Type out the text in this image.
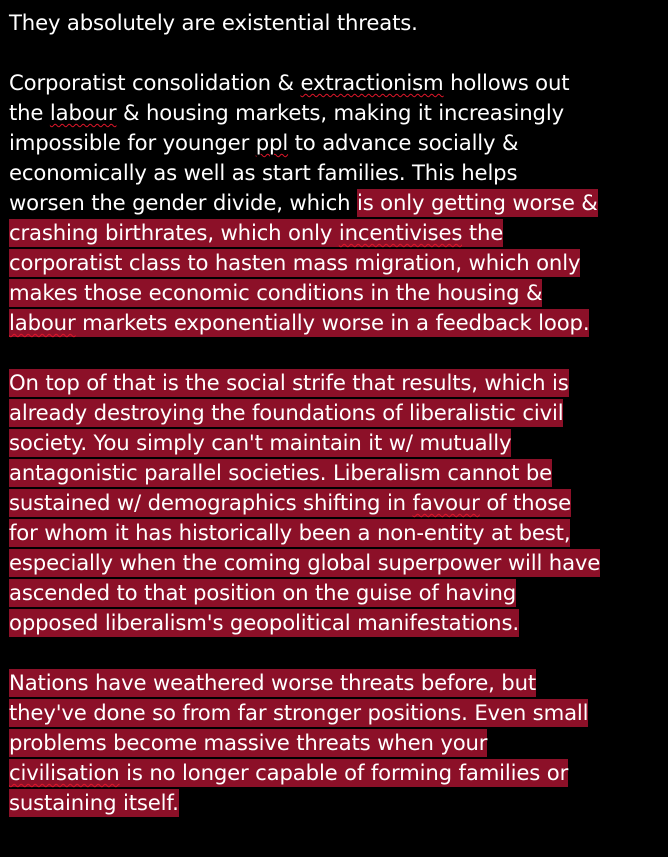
They absolutely are existential threats.
Corporatist consolidation & extractionism hollows out
the labour & housing markets, making it increasingly
impossible for younger ppl to advance socially &
economically as well as start families. This helps
worsen the gender divide, which is only getting worse &
crashing birthrates, which only incentivises the
corporatist class to hasten mass migration, which only
makes those economic conditions in the housing &
labour markets exponentially worse in a feedback loop.
On top of that is the social strife that results, which is
already destroying the foundations of liberalistic civil
society. You simply can't maintain it w/ mutually
antagonistic parallel societies. Liberalism cannot be
sustained w/ demographics shifting in favour of those
for whom it has historically been a non-entity at best,
especially when the coming global superpower will have
ascended to that position on the guise of having
opposed liberalism's geopolitical manifestations.
Nations have weathered worse threats before, but
they've done so from far stronger positions. Even small
problems become massive threats when your
civilisation is no longer capable of forming families or
sustaining itself.
